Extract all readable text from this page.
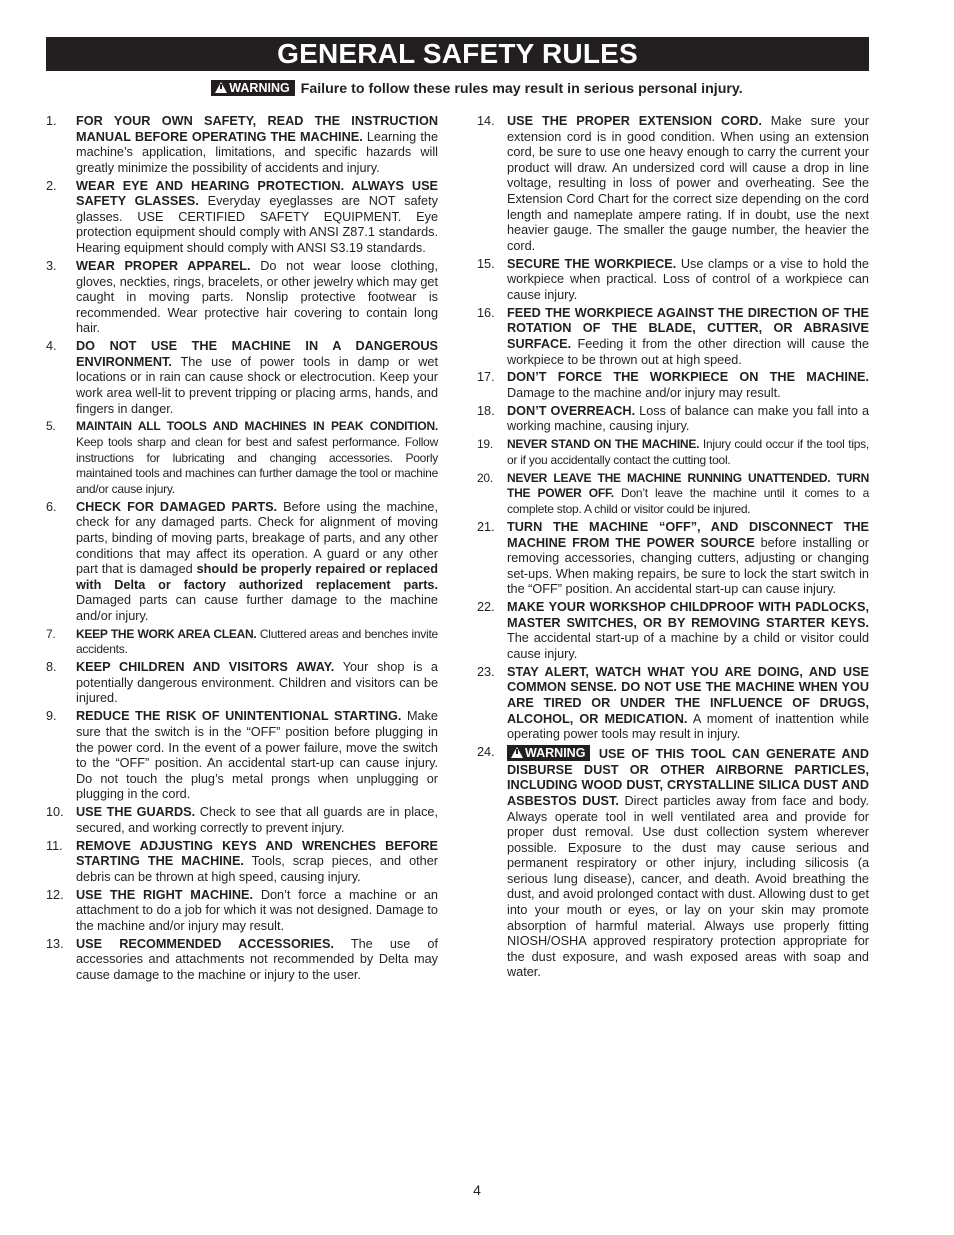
GENERAL SAFETY RULES
WARNING Failure to follow these rules may result in serious personal injury.
1. FOR YOUR OWN SAFETY, READ THE INSTRUCTION MANUAL BEFORE OPERATING THE MACHINE. Learning the machine’s application, limitations, and specific hazards will greatly minimize the possibility of accidents and injury.
2. WEAR EYE AND HEARING PROTECTION. ALWAYS USE SAFETY GLASSES. Everyday eyeglasses are NOT safety glasses. USE CERTIFIED SAFETY EQUIPMENT. Eye protection equipment should comply with ANSI Z87.1 standards. Hearing equipment should comply with ANSI S3.19 standards.
3. WEAR PROPER APPAREL. Do not wear loose clothing, gloves, neckties, rings, bracelets, or other jewelry which may get caught in moving parts. Nonslip protective footwear is recommended. Wear protective hair covering to contain long hair.
4. DO NOT USE THE MACHINE IN A DANGEROUS ENVIRONMENT. The use of power tools in damp or wet locations or in rain can cause shock or electrocution. Keep your work area well-lit to prevent tripping or placing arms, hands, and fingers in danger.
5. MAINTAIN ALL TOOLS AND MACHINES IN PEAK CONDITION. Keep tools sharp and clean for best and safest performance. Follow instructions for lubricating and changing accessories. Poorly maintained tools and machines can further damage the tool or machine and/or cause injury.
6. CHECK FOR DAMAGED PARTS. Before using the machine, check for any damaged parts. Check for alignment of moving parts, binding of moving parts, breakage of parts, and any other conditions that may affect its operation. A guard or any other part that is damaged should be properly repaired or replaced with Delta or factory authorized replacement parts. Damaged parts can cause further damage to the machine and/or injury.
7. KEEP THE WORK AREA CLEAN. Cluttered areas and benches invite accidents.
8. KEEP CHILDREN AND VISITORS AWAY. Your shop is a potentially dangerous environment. Children and visitors can be injured.
9. REDUCE THE RISK OF UNINTENTIONAL STARTING. Make sure that the switch is in the “OFF” position before plugging in the power cord. In the event of a power failure, move the switch to the “OFF” position. An accidental start-up can cause injury. Do not touch the plug’s metal prongs when unplugging or plugging in the cord.
10. USE THE GUARDS. Check to see that all guards are in place, secured, and working correctly to prevent injury.
11. REMOVE ADJUSTING KEYS AND WRENCHES BEFORE STARTING THE MACHINE. Tools, scrap pieces, and other debris can be thrown at high speed, causing injury.
12. USE THE RIGHT MACHINE. Don’t force a machine or an attachment to do a job for which it was not designed. Damage to the machine and/or injury may result.
13. USE RECOMMENDED ACCESSORIES. The use of accessories and attachments not recommended by Delta may cause damage to the machine or injury to the user.
14. USE THE PROPER EXTENSION CORD. Make sure your extension cord is in good condition. When using an extension cord, be sure to use one heavy enough to carry the current your product will draw. An undersized cord will cause a drop in line voltage, resulting in loss of power and overheating. See the Extension Cord Chart for the correct size depending on the cord length and nameplate ampere rating. If in doubt, use the next heavier gauge. The smaller the gauge number, the heavier the cord.
15. SECURE THE WORKPIECE. Use clamps or a vise to hold the workpiece when practical. Loss of control of a workpiece can cause injury.
16. FEED THE WORKPIECE AGAINST THE DIRECTION OF THE ROTATION OF THE BLADE, CUTTER, OR ABRASIVE SURFACE. Feeding it from the other direction will cause the workpiece to be thrown out at high speed.
17. DON’T FORCE THE WORKPIECE ON THE MACHINE. Damage to the machine and/or injury may result.
18. DON’T OVERREACH. Loss of balance can make you fall into a working machine, causing injury.
19. NEVER STAND ON THE MACHINE. Injury could occur if the tool tips, or if you accidentally contact the cutting tool.
20. NEVER LEAVE THE MACHINE RUNNING UNATTENDED. TURN THE POWER OFF. Don’t leave the machine until it comes to a complete stop. A child or visitor could be injured.
21. TURN THE MACHINE “OFF”, AND DISCONNECT THE MACHINE FROM THE POWER SOURCE before installing or removing accessories, changing cutters, adjusting or changing set-ups. When making repairs, be sure to lock the start switch in the “OFF” position. An accidental start-up can cause injury.
22. MAKE YOUR WORKSHOP CHILDPROOF WITH PADLOCKS, MASTER SWITCHES, OR BY REMOVING STARTER KEYS. The accidental start-up of a machine by a child or visitor could cause injury.
23. STAY ALERT, WATCH WHAT YOU ARE DOING, AND USE COMMON SENSE. DO NOT USE THE MACHINE WHEN YOU ARE TIRED OR UNDER THE INFLUENCE OF DRUGS, ALCOHOL, OR MEDICATION. A moment of inattention while operating power tools may result in injury.
24. WARNING USE OF THIS TOOL CAN GENERATE AND DISBURSE DUST OR OTHER AIRBORNE PARTICLES, INCLUDING WOOD DUST, CRYSTALLINE SILICA DUST AND ASBESTOS DUST. Direct particles away from face and body. Always operate tool in well ventilated area and provide for proper dust removal. Use dust collection system wherever possible. Exposure to the dust may cause serious and permanent respiratory or other injury, including silicosis (a serious lung disease), cancer, and death. Avoid breathing the dust, and avoid prolonged contact with dust. Allowing dust to get into your mouth or eyes, or lay on your skin may promote absorption of harmful material. Always use properly fitting NIOSH/OSHA approved respiratory protection appropriate for the dust exposure, and wash exposed areas with soap and water.
4
